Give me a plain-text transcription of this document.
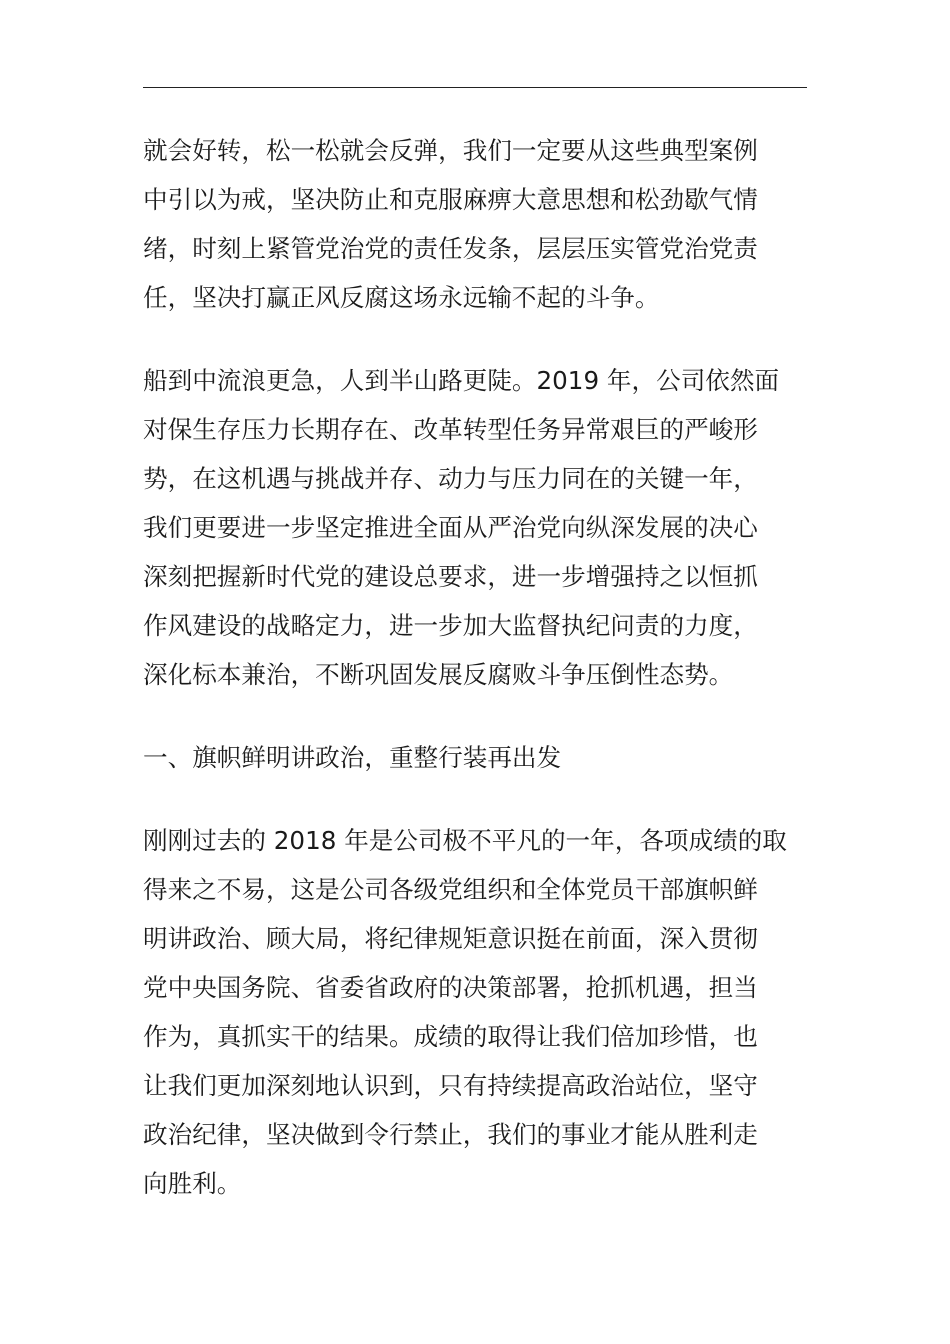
就会好转，松一松就会反弹，我们一定要从这些典型案例
中引以为戒，坚决防止和克服麻痹大意思想和松劲歇气情
绪，时刻上紧管党治党的责任发条，层层压实管党治党责
任，坚决打赢正风反腐这场永远输不起的斗争。
船到中流浪更急，人到半山路更陡。2019 年，公司依然面
对保生存压力长期存在、改革转型任务异常艰巨的严峻形
势，在这机遇与挑战并存、动力与压力同在的关键一年，
我们更要进一步坚定推进全面从严治党向纵深发展的决心
深刻把握新时代党的建设总要求，进一步增强持之以恒抓
作风建设的战略定力，进一步加大监督执纪问责的力度，
深化标本兼治，不断巩固发展反腐败斗争压倒性态势。
一、旗帜鲜明讲政治，重整行装再出发
刚刚过去的 2018 年是公司极不平凡的一年，各项成绩的取
得来之不易，这是公司各级党组织和全体党员干部旗帜鲜
明讲政治、顾大局，将纪律规矩意识挺在前面，深入贯彻
党中央国务院、省委省政府的决策部署，抢抓机遇，担当
作为，真抓实干的结果。成绩的取得让我们倍加珍惜，也
让我们更加深刻地认识到，只有持续提高政治站位，坚守
政治纪律，坚决做到令行禁止，我们的事业才能从胜利走
向胜利。
